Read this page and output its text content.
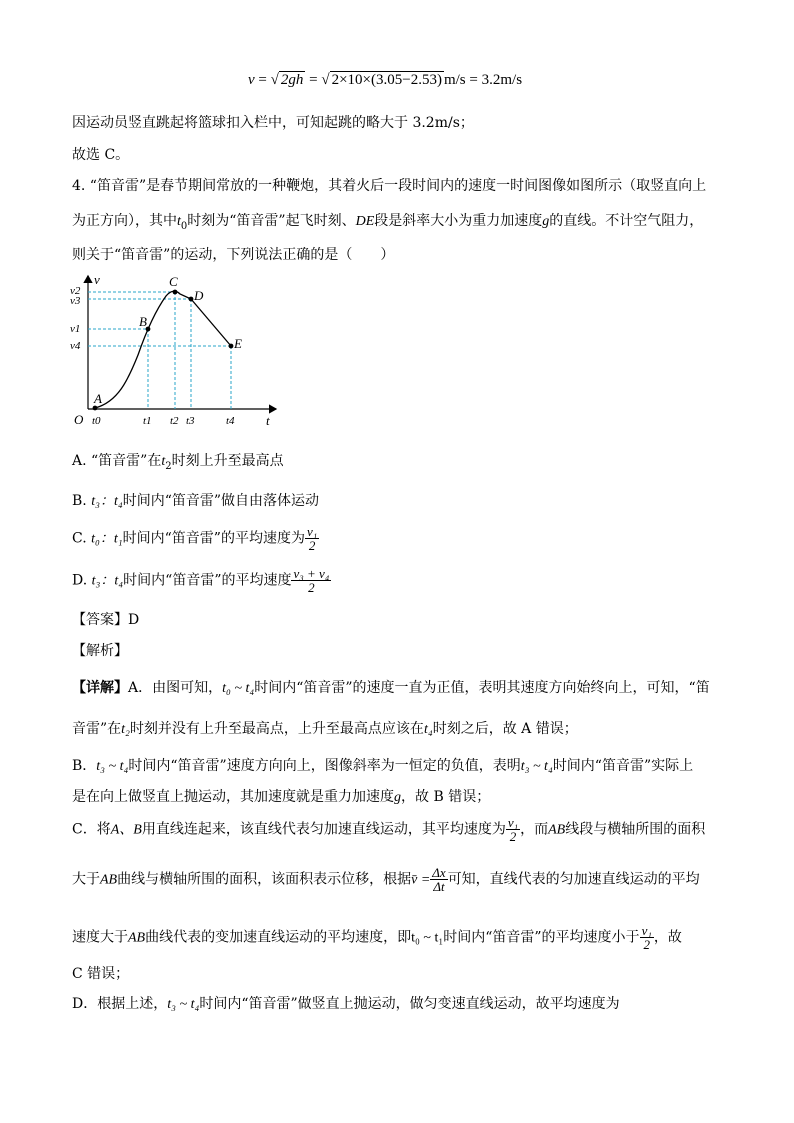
v = √ 2gh = √ 2×10×(3.05−2.53) m/s = 3.2m/s
因运动员竖直跳起将篮球扣入栏中，可知起跳的略大于 3.2m/s；
故选 C。
4. “笛音雷”是春节期间常放的一种鞭炮，其着火后一段时间内的速度一时间图像如图所示（取竖直向上
为正方向），其中$t_0$时刻为“笛音雷”起飞时刻、DE段是斜率大小为重力加速度g的直线。不计空气阻力，
则关于“笛音雷”的运动，下列说法正确的是（　　）
v
t
O
A
B
C
D
E
v2
v3
v1
v4
t0	t1 t2 t3	t4
A. “笛音雷”在$t_2$时刻上升至最高点
B. t₃：t₄时间内“笛音雷”做自由落体运动
C. t₀：t₁时间内“笛音雷”的平均速度为 $\frac{\text{v₁}}{2}$
D. t₃：t₄时间内“笛音雷”的平均速度 $\frac{\text{v₃ + v₄}}{2}$
【答案】D
【解析】
【详解】A．由图可知，t₀ ~ t₄时间内“笛音雷”的速度一直为正值，表明其速度方向始终向上，可知，“笛
音雷”在t₂时刻并没有上升至最高点，上升至最高点应该在t₄时刻之后，故 A 错误；
B．t₃ ~ t₄时间内“笛音雷”速度方向向上，图像斜率为一恒定的负值，表明t₃ ~ t₄时间内“笛音雷”实际上
是在向上做竖直上抛运动，其加速度就是重力加速度g，故 B 错误；
C．将A、B用直线连起来，该直线代表匀加速直线运动，其平均速度为 $\frac{\text{v₁}}{2}$ ，而AB线段与横轴所围的面积
大于AB曲线与横轴所围的面积，该面积表示位移，根据v̄ = $\frac{\Delta x}{\Delta t}$ 可知，直线代表的匀加速直线运动的平均
速度大于AB曲线代表的变加速直线运动的平均速度，即t₀ ~ t₁时间内“笛音雷”的平均速度小于 $\frac{\text{v₁}}{2}$ ，故
C 错误；
D．根据上述，t₃ ~ t₄时间内“笛音雷”做竖直上抛运动，做匀变速直线运动，故平均速度为
